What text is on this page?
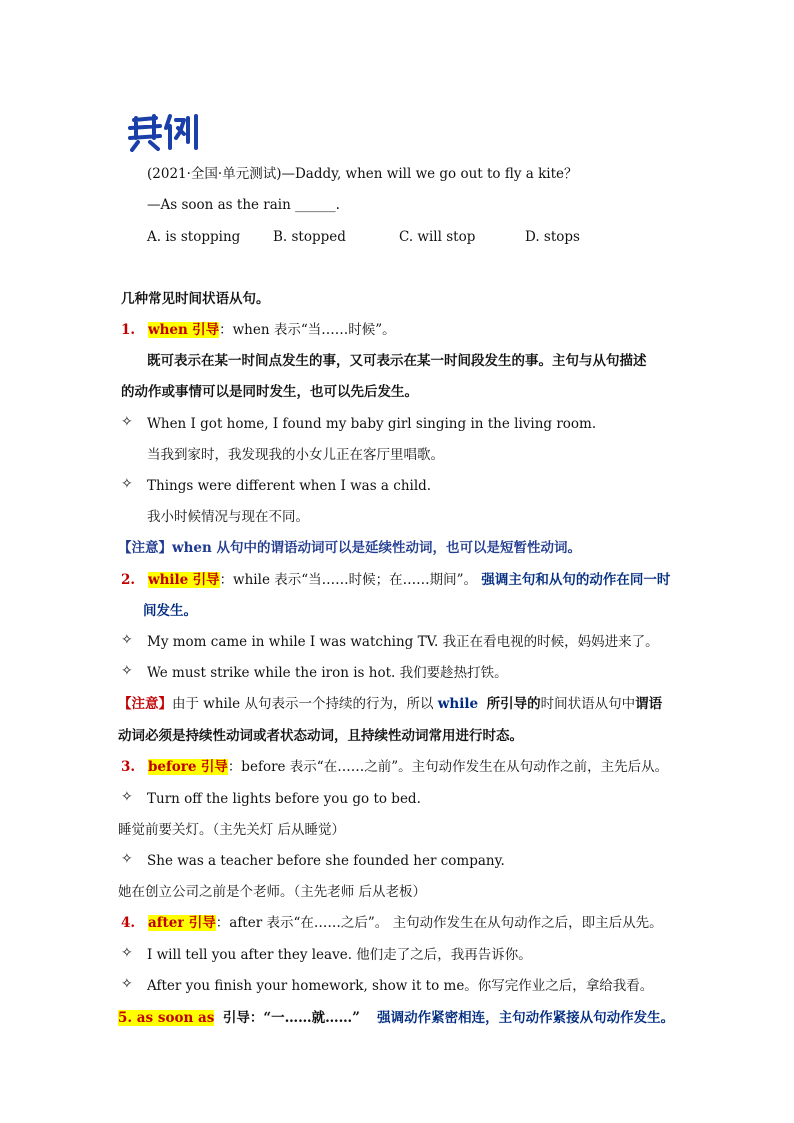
(2021·全国·单元测试)—Daddy, when will we go out to fly a kite？
—As soon as the rain ______.
A. is stopping B. stopped	C. will stop	D. stops
几种常见时间状语从句。
1. when 引导：when 表示“当……时候”。
既可表示在某一时间点发生的事，又可表示在某一时间段发生的事。主句与从句描述
的动作或事情可以是同时发生，也可以先后发生。
✧ When I got home, I found my baby girl singing in the living room.
当我到家时，我发现我的小女儿正在客厅里唱歌。
✧ Things were different when I was a child.
我小时候情况与现在不同。
【注意】when 从句中的谓语动词可以是延续性动词，也可以是短暂性动词。
2. while 引导：while 表示“当……时候；在……期间”。 强调主句和从句的动作在同一时
间发生。
✧ My mom came in while I was watching TV. 我正在看电视的时候，妈妈进来了。
✧ We must strike while the iron is hot. 我们要趁热打铁。
【注意】由于 while 从句表示一个持续的行为，所以 while 所引导的时间状语从句中谓语
动词必须是持续性动词或者状态动词，且持续性动词常用进行时态。
3. before 引导：before 表示“在……之前”。主句动作发生在从句动作之前，主先后从。
✧ Turn off the lights before you go to bed.
睡觉前要关灯。（主先关灯 后从睡觉）
✧ She was a teacher before she founded her company.
她在创立公司之前是个老师。（主先老师 后从老板）
4. after 引导：after 表示“在……之后”。 主句动作发生在从句动作之后，即主后从先。
✧ I will tell you after they leave. 他们走了之后，我再告诉你。
✧ After you finish your homework, show it to me。你写完作业之后，拿给我看。
5. as soon as 引导：“一……就……” 强调动作紧密相连，主句动作紧接从句动作发生。
